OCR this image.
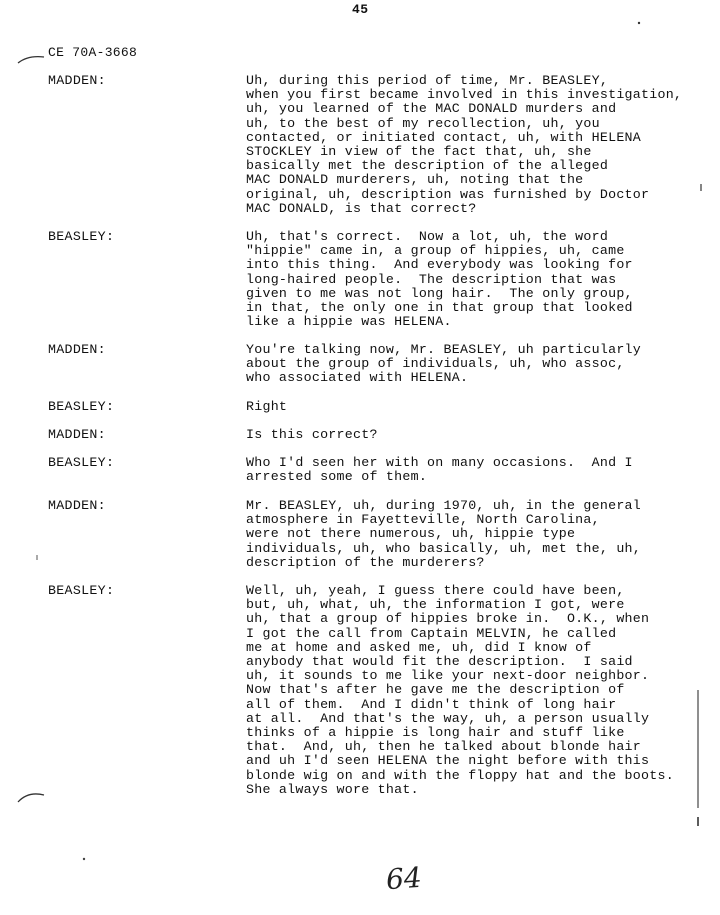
45
CE 70A-3668
MADDEN:	Uh, during this period of time, Mr. BEASLEY,
when you first became involved in this investigation,
uh, you learned of the MAC DONALD murders and
uh, to the best of my recollection, uh, you
contacted, or initiated contact, uh, with HELENA
STOCKLEY in view of the fact that, uh, she
basically met the description of the alleged
MAC DONALD murderers, uh, noting that the
original, uh, description was furnished by Doctor
MAC DONALD, is that correct?
BEASLEY:	Uh, that's correct.  Now a lot, uh, the word
"hippie" came in, a group of hippies, uh, came
into this thing.  And everybody was looking for
long-haired people.  The description that was
given to me was not long hair.  The only group,
in that, the only one in that group that looked
like a hippie was HELENA.
MADDEN:	You're talking now, Mr. BEASLEY, uh particularly
about the group of individuals, uh, who assoc,
who associated with HELENA.
BEASLEY:	Right
MADDEN:	Is this correct?
BEASLEY:	Who I'd seen her with on many occasions.  And I
arrested some of them.
MADDEN:	Mr. BEASLEY, uh, during 1970, uh, in the general
atmosphere in Fayetteville, North Carolina,
were not there numerous, uh, hippie type
individuals, uh, who basically, uh, met the, uh,
description of the murderers?
BEASLEY:	Well, uh, yeah, I guess there could have been,
but, uh, what, uh, the information I got, were
uh, that a group of hippies broke in.  O.K., when
I got the call from Captain MELVIN, he called
me at home and asked me, uh, did I know of
anybody that would fit the description.  I said
uh, it sounds to me like your next-door neighbor.
Now that's after he gave me the description of
all of them.  And I didn't think of long hair
at all.  And that's the way, uh, a person usually
thinks of a hippie is long hair and stuff like
that.  And, uh, then he talked about blonde hair
and uh I'd seen HELENA the night before with this
blonde wig on and with the floppy hat and the boots.
She always wore that.
64
